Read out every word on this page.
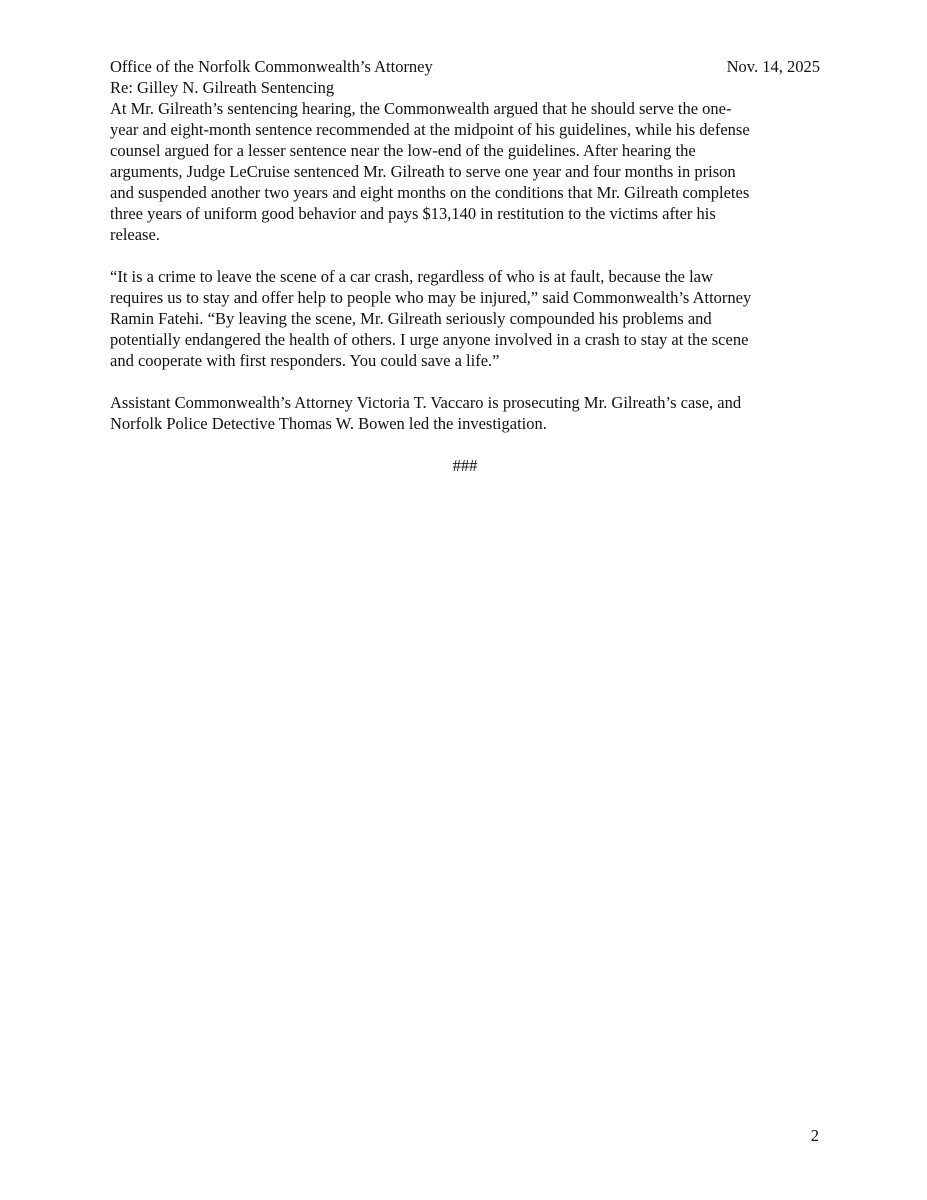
Office of the Norfolk Commonwealth’s Attorney	Nov. 14, 2025
Re: Gilley N. Gilreath Sentencing
At Mr. Gilreath’s sentencing hearing, the Commonwealth argued that he should serve the one-
year and eight-month sentence recommended at the midpoint of his guidelines, while his defense
counsel argued for a lesser sentence near the low-end of the guidelines. After hearing the
arguments, Judge LeCruise sentenced Mr. Gilreath to serve one year and four months in prison
and suspended another two years and eight months on the conditions that Mr. Gilreath completes
three years of uniform good behavior and pays $13,140 in restitution to the victims after his
release.
“It is a crime to leave the scene of a car crash, regardless of who is at fault, because the law
requires us to stay and offer help to people who may be injured,” said Commonwealth’s Attorney
Ramin Fatehi. “By leaving the scene, Mr. Gilreath seriously compounded his problems and
potentially endangered the health of others. I urge anyone involved in a crash to stay at the scene
and cooperate with first responders. You could save a life.”
Assistant Commonwealth’s Attorney Victoria T. Vaccaro is prosecuting Mr. Gilreath’s case, and
Norfolk Police Detective Thomas W. Bowen led the investigation.
###
2
